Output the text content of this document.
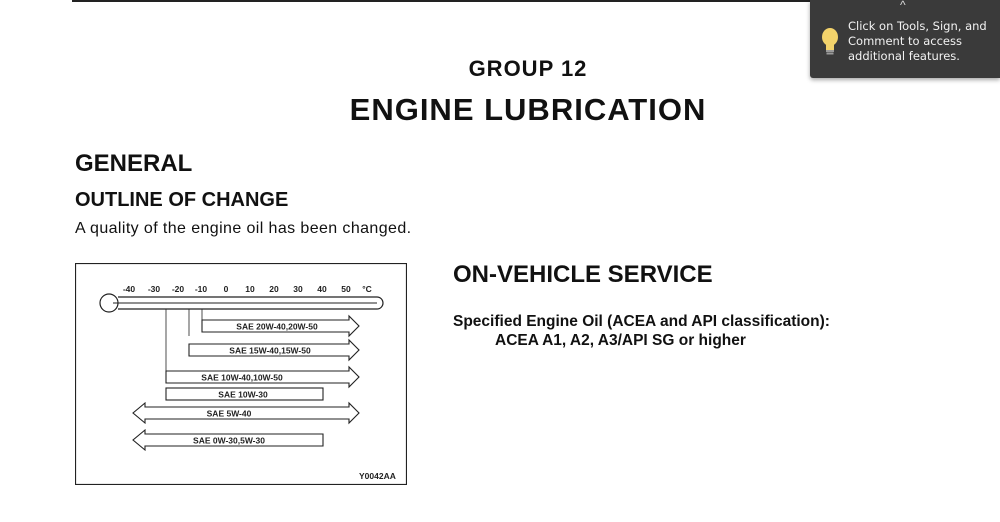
GROUP 12
ENGINE LUBRICATION
GENERAL
OUTLINE OF CHANGE
A quality of the engine oil has been changed.
-40 -30 -20 -10 0 10 20 30 40 50 °C
SAE 20W-40,20W-50
SAE 15W-40,15W-50
SAE 10W-40,10W-50
SAE 10W-30
SAE 5W-40
SAE 0W-30,5W-30
Y0042AA
ON-VEHICLE SERVICE
Specified Engine Oil (ACEA and API classification):
ACEA A1, A2, A3/API SG or higher
^
Click on Tools, Sign, and Comment to access additional features.
